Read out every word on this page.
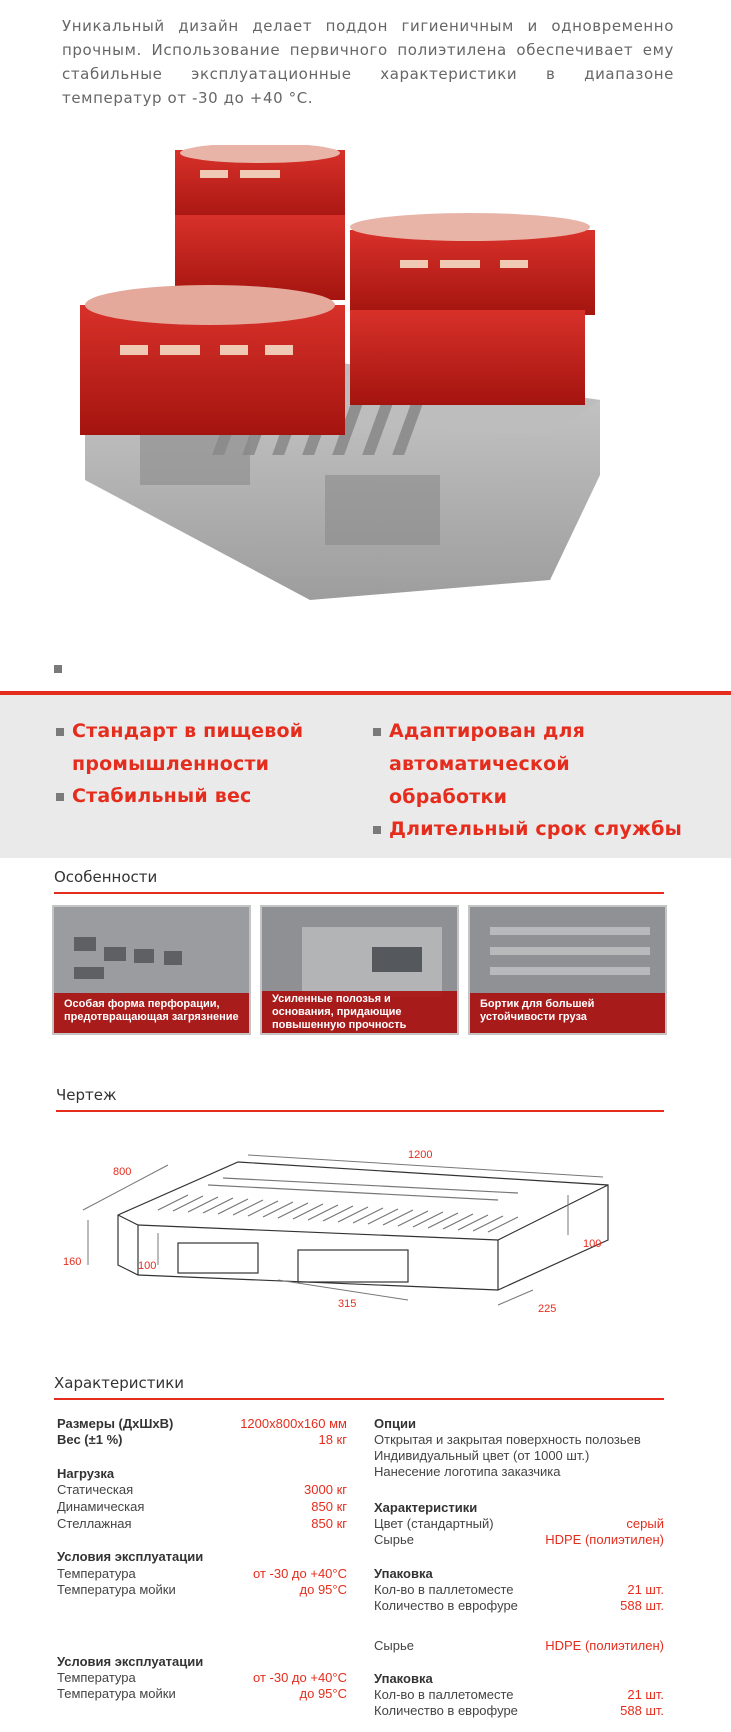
Уникальный дизайн делает поддон гигиеничным и одновременно прочным. Использование первичного полиэтилена обеспечивает ему стабильные эксплуатационные характеристики в диапазоне температур от -30 до +40 °C.

Стандарт в пищевой промышленности
Стабильный вес
Адаптирован для автоматической обработки
Длительный срок службы
Особенности
Особая форма перфорации, предотвращающая загрязнение
Усиленные полозья и основания, придающие повышенную прочность
Бортик для большей устойчивости груза
Чертеж
1200
800
160
100
100
315	225
Характеристики
Размеры (ДхШхВ)	1200x800x160 мм
Вес (±1 %)	18 кг
Нагрузка
Статическая	3000 кг
Динамическая	850 кг
Стеллажная	850 кг
Условия эксплуатации
Температура	от -30 до +40°С
Температура мойки	до 95°С
Условия эксплуатации
Температура	от -30 до +40°С
Температура мойки	до 95°С
Опции
Открытая и закрытая поверхность полозьев
Индивидуальный цвет (от 1000 шт.)
Нанесение логотипа заказчика
Характеристики
Цвет (стандартный)	серый
Сырье	HDPE (полиэтилен)
Упаковка
Кол-во в паллетоместе	21 шт.
Количество в еврофуре	588 шт.
Сырье	HDPE (полиэтилен)
Упаковка
Кол-во в паллетоместе	21 шт.
Количество в еврофуре	588 шт.
